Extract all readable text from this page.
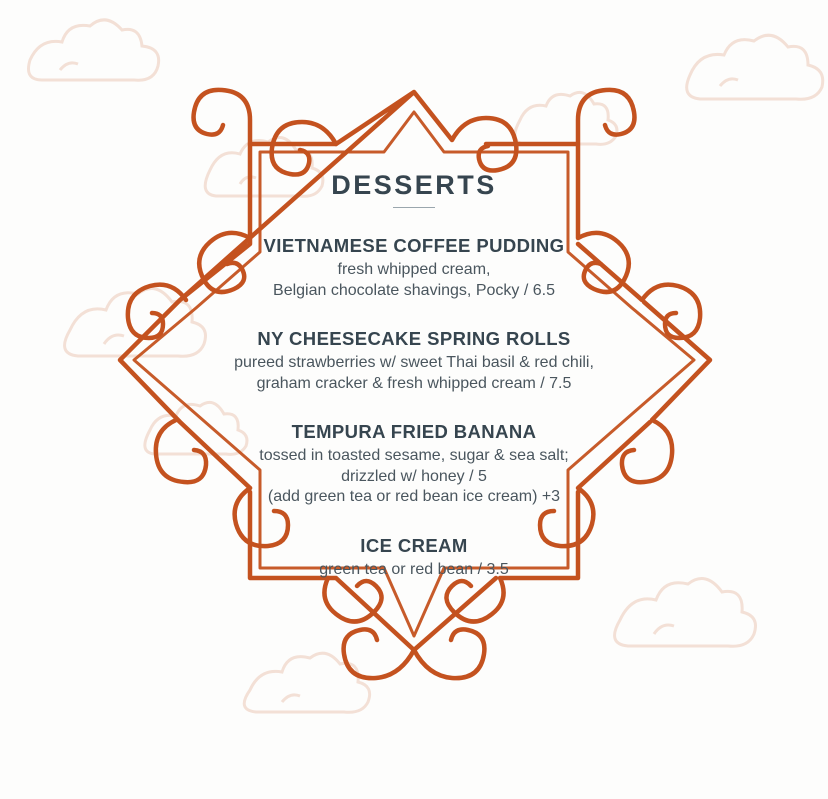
DESSERTS
VIETNAMESE COFFEE PUDDING
fresh whipped cream,
Belgian chocolate shavings, Pocky / 6.5
NY CHEESECAKE SPRING ROLLS
pureed strawberries w/ sweet Thai basil & red chili,
graham cracker & fresh whipped cream / 7.5
TEMPURA FRIED BANANA
tossed in toasted sesame, sugar & sea salt;
drizzled w/ honey / 5
(add green tea or red bean ice cream) +3
ICE CREAM
green tea or red bean / 3.5
